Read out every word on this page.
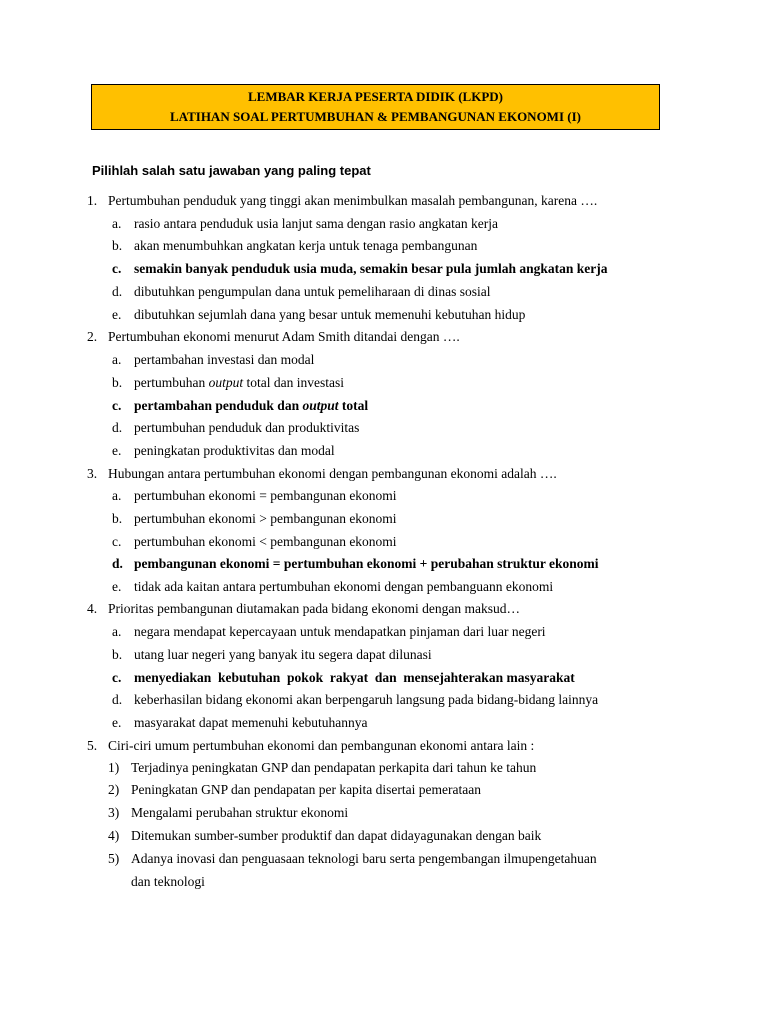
LEMBAR KERJA PESERTA DIDIK (LKPD)
LATIHAN SOAL PERTUMBUHAN & PEMBANGUNAN EKONOMI (I)
Pilihlah salah satu jawaban yang paling tepat
1. Pertumbuhan penduduk yang tinggi akan menimbulkan masalah pembangunan, karena ….
a. rasio antara penduduk usia lanjut sama dengan rasio angkatan kerja
b. akan menumbuhkan angkatan kerja untuk tenaga pembangunan
c. semakin banyak penduduk usia muda, semakin besar pula jumlah angkatan kerja
d. dibutuhkan pengumpulan dana untuk pemeliharaan di dinas sosial
e. dibutuhkan sejumlah dana yang besar untuk memenuhi kebutuhan hidup
2. Pertumbuhan ekonomi menurut Adam Smith ditandai dengan ….
a. pertambahan investasi dan modal
b. pertumbuhan output total dan investasi
c. pertambahan penduduk dan output total
d. pertumbuhan penduduk dan produktivitas
e. peningkatan produktivitas dan modal
3. Hubungan antara pertumbuhan ekonomi dengan pembangunan ekonomi adalah ….
a. pertumbuhan ekonomi = pembangunan ekonomi
b. pertumbuhan ekonomi > pembangunan ekonomi
c. pertumbuhan ekonomi < pembangunan ekonomi
d. pembangunan ekonomi = pertumbuhan ekonomi + perubahan struktur ekonomi
e. tidak ada kaitan antara pertumbuhan ekonomi dengan pembanguann ekonomi
4. Prioritas pembangunan diutamakan pada bidang ekonomi dengan maksud…
a. negara mendapat kepercayaan untuk mendapatkan pinjaman dari luar negeri
b. utang luar negeri yang banyak itu segera dapat dilunasi
c. menyediakan  kebutuhan  pokok  rakyat  dan  mensejahterakan masyarakat
d. keberhasilan bidang ekonomi akan berpengaruh langsung pada bidang-bidang lainnya
e. masyarakat dapat memenuhi kebutuhannya
5. Ciri-ciri umum pertumbuhan ekonomi dan pembangunan ekonomi antara lain :
1) Terjadinya peningkatan GNP dan pendapatan perkapita dari tahun ke tahun
2) Peningkatan GNP dan pendapatan per kapita disertai pemerataan
3) Mengalami perubahan struktur ekonomi
4) Ditemukan sumber-sumber produktif dan dapat didayagunakan dengan baik
5) Adanya inovasi dan penguasaan teknologi baru serta pengembangan ilmupengetahuan
dan teknologi
